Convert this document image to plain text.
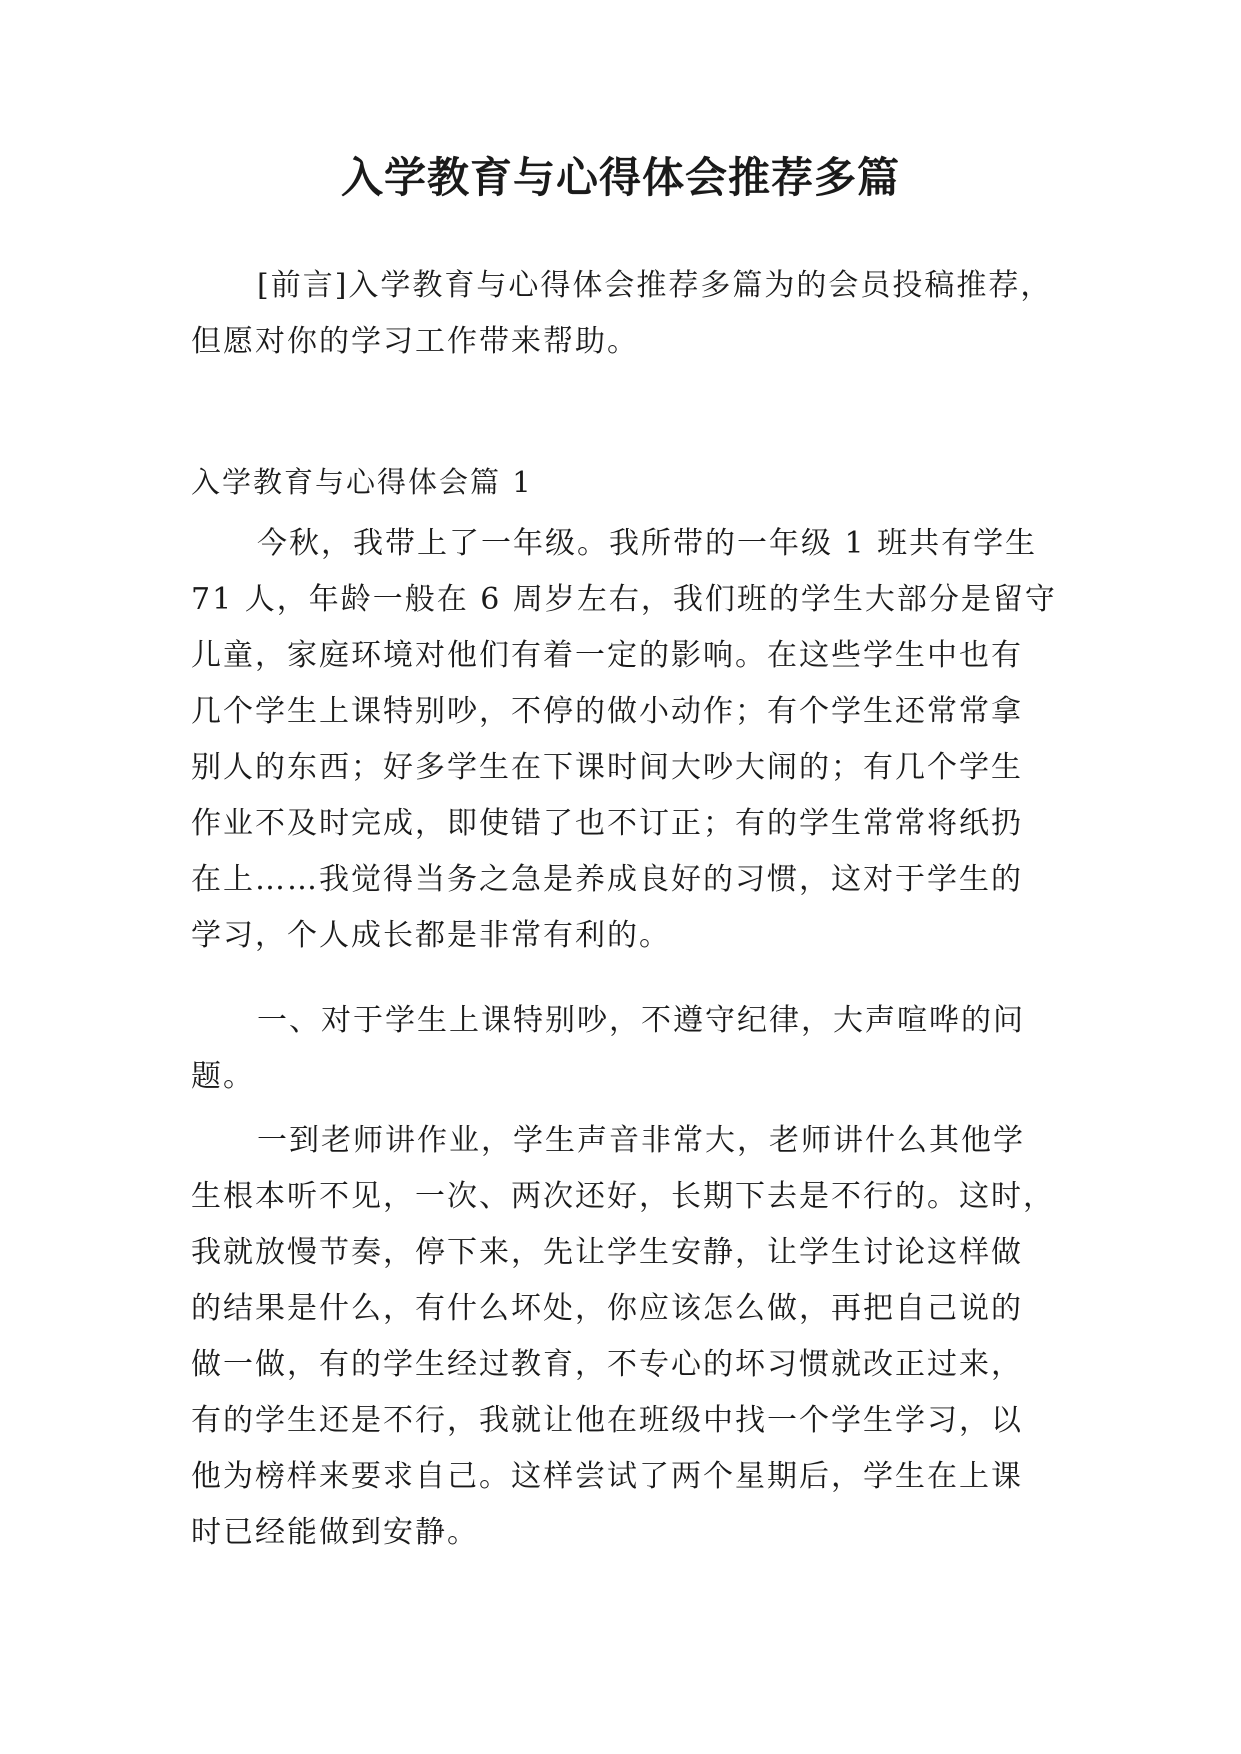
入学教育与心得体会推荐多篇

[前言]入学教育与心得体会推荐多篇为的会员投稿推荐，
但愿对你的学习工作带来帮助。

入学教育与心得体会篇 1

今秋，我带上了一年级。我所带的一年级 1 班共有学生
71 人，年龄一般在 6 周岁左右，我们班的学生大部分是留守
儿童，家庭环境对他们有着一定的影响。在这些学生中也有
几个学生上课特别吵，不停的做小动作；有个学生还常常拿
别人的东西；好多学生在下课时间大吵大闹的；有几个学生
作业不及时完成，即使错了也不订正；有的学生常常将纸扔
在上……我觉得当务之急是养成良好的习惯，这对于学生的
学习，个人成长都是非常有利的。

一、对于学生上课特别吵，不遵守纪律，大声喧哗的问
题。

一到老师讲作业，学生声音非常大，老师讲什么其他学
生根本听不见，一次、两次还好，长期下去是不行的。这时，
我就放慢节奏，停下来，先让学生安静，让学生讨论这样做
的结果是什么，有什么坏处，你应该怎么做，再把自己说的
做一做，有的学生经过教育，不专心的坏习惯就改正过来，
有的学生还是不行，我就让他在班级中找一个学生学习，以
他为榜样来要求自己。这样尝试了两个星期后，学生在上课
时已经能做到安静。
